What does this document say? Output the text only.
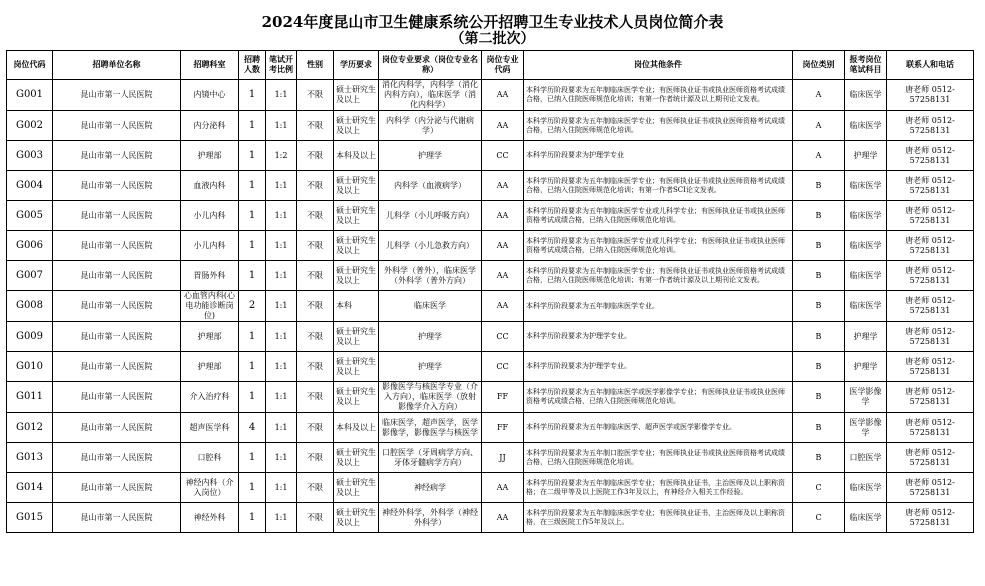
2024年度昆山市卫生健康系统公开招聘卫生专业技术人员岗位简介表
（第二批次）
岗位代码	招聘单位名称	招聘科室	招聘人数	笔试开考比例	性别	学历要求	岗位专业要求（岗位专业名称）	岗位专业代码	岗位其他条件	岗位类别	报考岗位笔试科目	联系人和电话
G001	昆山市第一人民医院	内镜中心	1	1:1	不限	硕士研究生及以上	消化内科学，内科学（消化内科方向），临床医学（消化内科学）	AA	本科学历阶段要求为五年制临床医学专业；有医师执业证书或执业医师资格考试成绩合格，已纳入住院医师规范化培训；有第一作者统计源及以上期刊论文发表。	A	临床医学	唐老师 0512-57258131
G002	昆山市第一人民医院	内分泌科	1	1:1	不限	硕士研究生及以上	内科学（内分泌与代谢病学）	AA	本科学历阶段要求为五年制临床医学专业；有医师执业证书或执业医师资格考试成绩合格，已纳入住院医师规范化培训。	A	临床医学	唐老师 0512-57258131
G003	昆山市第一人民医院	护理部	1	1:2	不限	本科及以上	护理学	CC	本科学历阶段要求为护理学专业	A	护理学	唐老师 0512-57258131
G004	昆山市第一人民医院	血液内科	1	1:1	不限	硕士研究生及以上	内科学（血液病学）	AA	本科学历阶段要求为五年制临床医学专业；有医师执业证书或执业医师资格考试成绩合格，已纳入住院医师规范化培训；有第一作者SCI论文发表。	B	临床医学	唐老师 0512-57258131
G005	昆山市第一人民医院	小儿内科	1	1:1	不限	硕士研究生及以上	儿科学（小儿呼吸方向）	AA	本科学历阶段要求为五年制临床医学专业或儿科学专业；有医师执业证书或执业医师资格考试成绩合格，已纳入住院医师规范化培训。	B	临床医学	唐老师 0512-57258131
G006	昆山市第一人民医院	小儿内科	1	1:1	不限	硕士研究生及以上	儿科学（小儿急救方向）	AA	本科学历阶段要求为五年制临床医学专业或儿科学专业；有医师执业证书或执业医师资格考试成绩合格，已纳入住院医师规范化培训。	B	临床医学	唐老师 0512-57258131
G007	昆山市第一人民医院	胃肠外科	1	1:1	不限	硕士研究生及以上	外科学（普外），临床医学（外科学（普外方向）	AA	本科学历阶段要求为五年制临床医学专业；有医师执业证书或执业医师资格考试成绩合格，已纳入住院医师规范化培训；有第一作者统计源及以上期刊论文发表。	B	临床医学	唐老师 0512-57258131
G008	昆山市第一人民医院	心血管内科(心电功能诊断岗位)	2	1:1	不限	本科	临床医学	AA	本科学历阶段要求为五年制临床医学专业。	B	临床医学	唐老师 0512-57258131
G009	昆山市第一人民医院	护理部	1	1:1	不限	硕士研究生及以上	护理学	CC	本科学历阶段要求为护理学专业。	B	护理学	唐老师 0512-57258131
G010	昆山市第一人民医院	护理部	1	1:1	不限	硕士研究生及以上	护理学	CC	本科学历阶段要求为护理学专业。	B	护理学	唐老师 0512-57258131
G011	昆山市第一人民医院	介入治疗科	1	1:1	不限	硕士研究生及以上	影像医学与核医学专业（介入方向），临床医学（放射影像学介入方向）	FF	本科学历阶段要求为五年制临床医学或医学影像学专业；有医师执业证书或执业医师资格考试成绩合格，已纳入住院医师规范化培训。	B	医学影像学	唐老师 0512-57258131
G012	昆山市第一人民医院	超声医学科	4	1:1	不限	本科及以上	临床医学，超声医学，医学影像学，影像医学与核医学	FF	本科学历阶段要求为五年制临床医学、超声医学或医学影像学专业。	B	医学影像学	唐老师 0512-57258131
G013	昆山市第一人民医院	口腔科	1	1:1	不限	硕士研究生及以上	口腔医学（牙周病学方向、牙体牙髓病学方向）	JJ	本科学历阶段要求为五年制口腔医学专业；有医师执业证书或执业医师资格考试成绩合格，已纳入住院医师规范化培训。	B	口腔医学	唐老师 0512-57258131
G014	昆山市第一人民医院	神经内科（介入岗位）	1	1:1	不限	硕士研究生及以上	神经病学	AA	本科学历阶段要求为五年制临床医学专业；有医师执业证书，主治医师及以上职称资格；在二级甲等及以上医院工作3年及以上，有神经介入相关工作经验。	C	临床医学	唐老师 0512-57258131
G015	昆山市第一人民医院	神经外科	1	1:1	不限	硕士研究生及以上	神经外科学，外科学（神经外科学）	AA	本科学历阶段要求为五年制临床医学专业；有医师执业证书，主治医师及以上职称资格，在三级医院工作5年及以上。	C	临床医学	唐老师 0512-57258131
